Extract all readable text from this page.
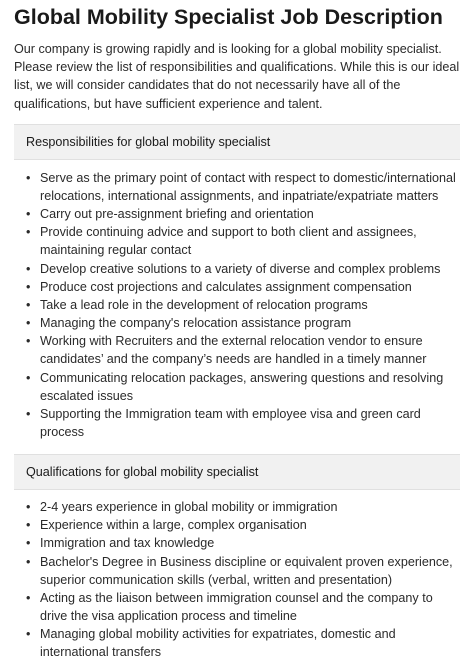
Global Mobility Specialist Job Description

Our company is growing rapidly and is looking for a global mobility specialist. Please review the list of responsibilities and qualifications. While this is our ideal list, we will consider candidates that do not necessarily have all of the qualifications, but have sufficient experience and talent.

Responsibilities for global mobility specialist
• Serve as the primary point of contact with respect to domestic/international relocations, international assignments, and inpatriate/expatriate matters
• Carry out pre-assignment briefing and orientation
• Provide continuing advice and support to both client and assignees, maintaining regular contact
• Develop creative solutions to a variety of diverse and complex problems
• Produce cost projections and calculates assignment compensation
• Take a lead role in the development of relocation programs
• Managing the company's relocation assistance program
• Working with Recruiters and the external relocation vendor to ensure candidates’ and the company’s needs are handled in a timely manner
• Communicating relocation packages, answering questions and resolving escalated issues
• Supporting the Immigration team with employee visa and green card process
Qualifications for global mobility specialist
• 2-4 years experience in global mobility or immigration
• Experience within a large, complex organisation
• Immigration and tax knowledge
• Bachelor's Degree in Business discipline or equivalent proven experience, superior communication skills (verbal, written and presentation)
• Acting as the liaison between immigration counsel and the company to drive the visa application process and timeline
• Managing global mobility activities for expatriates, domestic and international transfers
